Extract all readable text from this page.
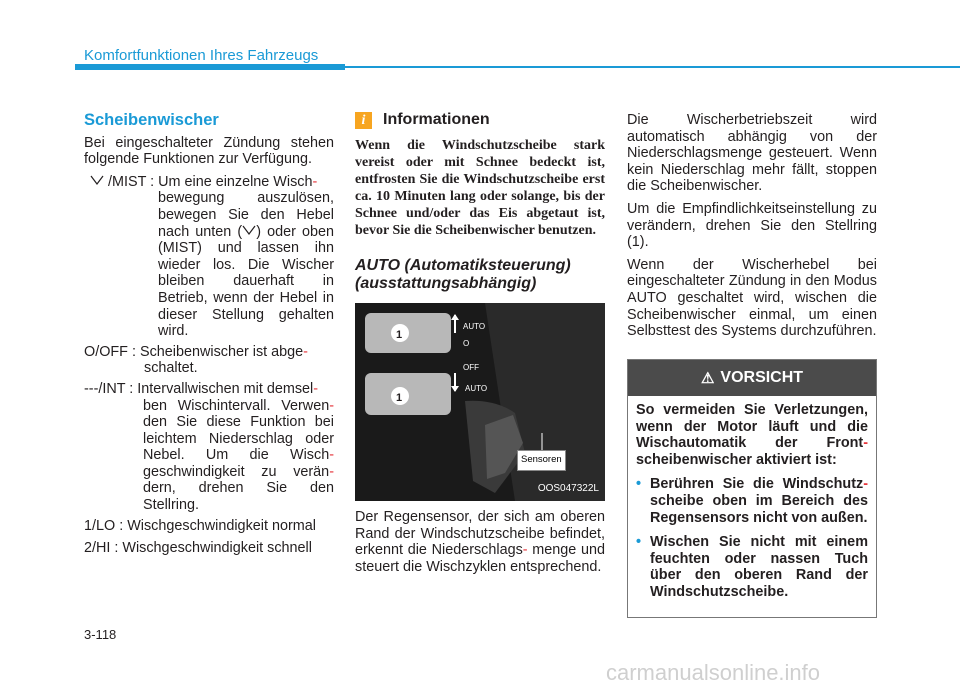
Komfortfunktionen Ihres Fahrzeugs
Scheibenwischer

Bei eingeschalteter Zündung stehen folgende Funktionen zur Verfügung.

/MIST : Um eine einzelne Wisch-
bewegung auszulösen, bewegen Sie den Hebel nach unten ( ) oder oben (MIST) und lassen ihn wieder los. Die Wischer bleiben dauerhaft in Betrieb, wenn der Hebel in dieser Stellung gehalten wird.
O/OFF : Scheibenwischer ist abge-
schaltet.
---/INT : Intervallwischen mit demsel-
ben Wischintervall. Verwen- den Sie diese Funktion bei leichtem Niederschlag oder Nebel. Um die Wisch- geschwindigkeit zu verän- dern, drehen Sie den Stellring.

1/LO : Wischgeschwindigkeit normal

2/HI : Wischgeschwindigkeit schnell

i	Informationen
Wenn die Windschutzscheibe stark vereist oder mit Schnee bedeckt ist, entfrosten Sie die Windschutzscheibe erst ca. 10 Minuten lang oder solange, bis der Schnee und/oder das Eis abgetaut ist, bevor Sie die Scheibenwischer benutzen.
AUTO (Automatiksteuerung)
(ausstattungsabhängig)
1
1
AUTO
O
OFF
AUTO
Sensoren
OOS047322L

Der Regensensor, der sich am oberen Rand der Windschutzscheibe befindet, erkennt die Niederschlags- menge und steuert die Wischzyklen entsprechend.

Die Wischerbetriebszeit wird automatisch abhängig von der Niederschlagsmenge gesteuert. Wenn kein Niederschlag mehr fällt, stoppen die Scheibenwischer.

Um die Empfindlichkeitseinstellung zu verändern, drehen Sie den Stellring (1).

Wenn der Wischerhebel bei eingeschalteter Zündung in den Modus AUTO geschaltet wird, wischen die Scheibenwischer einmal, um einen Selbsttest des Systems durchzuführen.

⚠ VORSICHT

So vermeiden Sie Verletzungen, wenn der Motor läuft und die Wischautomatik der Front- scheibenwischer aktiviert ist:

• Berühren Sie die Windschutz- scheibe oben im Bereich des Regensensors nicht von außen.
• Wischen Sie nicht mit einem feuchten oder nassen Tuch über den oberen Rand der Windschutzscheibe.
3-118
carmanualsonline.info
